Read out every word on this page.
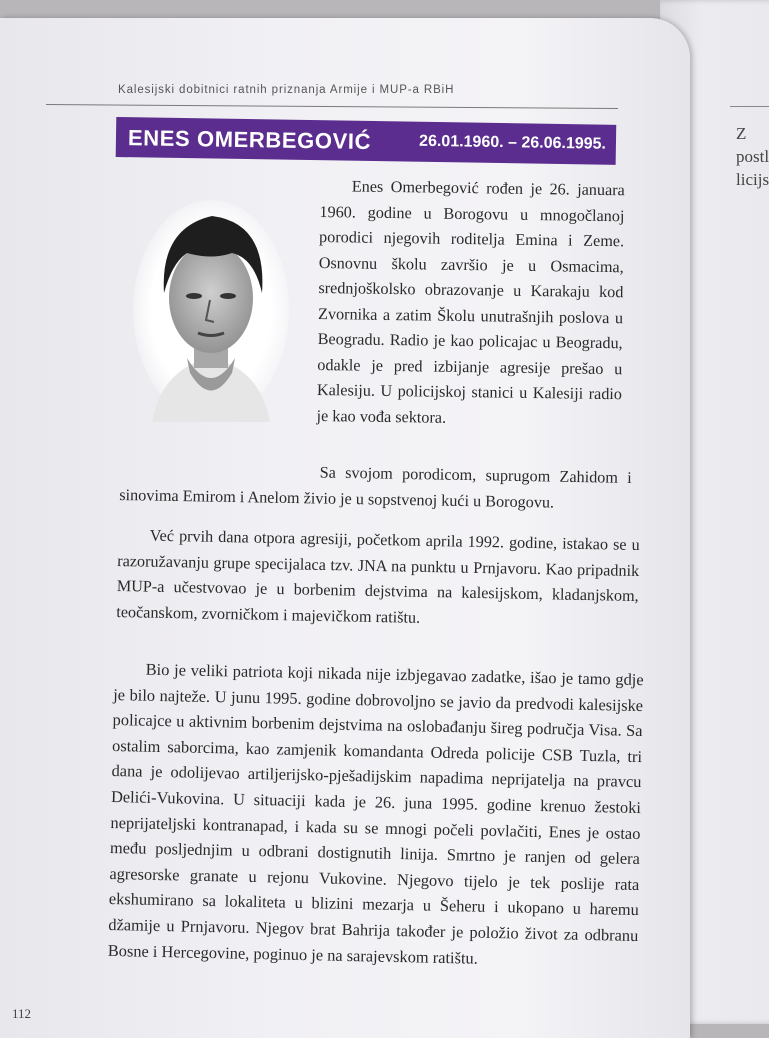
Z
postl
licijs
Kalesijski dobitnici ratnih priznanja Armije i MUP-a RBiH
ENES OMERBEGOVIĆ	26.01.1960. – 26.06.1995.

Enes Omerbegović rođen je 26. januara 1960. godine u Borogovu u mnogočlanoj porodici njegovih roditelja Emina i Zeme. Osnovnu školu završio je u Osmacima, srednjoškolsko obrazovanje u Karakaju kod Zvornika a zatim Školu unutrašnjih poslova u Beogradu. Radio je kao policajac u Beogradu, odakle je pred izbijanje agresije prešao u Kalesiju. U policijskoj stanici u Kalesiji radio je kao vođa sektora.

Sa svojom porodicom, suprugom Zahidom i sinovima Emirom i Anelom živio je u sopstvenoj kući u Borogovu.

Već prvih dana otpora agresiji, početkom aprila 1992. godine, istakao se u razoružavanju grupe specijalaca tzv. JNA na punktu u Prnjavoru. Kao pripadnik MUP-a učestvovao je u borbenim dejstvima na kalesijskom, kladanjskom, teočanskom, zvorničkom i majevičkom ratištu.

Bio je veliki patriota koji nikada nije izbjegavao zadatke, išao je tamo gdje je bilo najteže. U junu 1995. godine dobrovoljno se javio da predvodi kalesijske policajce u aktivnim borbenim dejstvima na oslobađanju šireg područja Visa. Sa ostalim saborcima, kao zamjenik komandanta Odreda policije CSB Tuzla, tri dana je odolijevao artiljerijsko-pješadijskim napadima neprijatelja na pravcu Delići-Vukovina. U situaciji kada je 26. juna 1995. godine krenuo žestoki neprijateljski kontranapad, i kada su se mnogi počeli povlačiti, Enes je ostao među posljednjim u odbrani dostignutih linija. Smrtno je ranjen od gelera agresorske granate u rejonu Vukovine. Njegovo tijelo je tek poslije rata ekshumirano sa lokaliteta u blizini mezarja u Šeheru i ukopano u haremu džamije u Prnjavoru. Njegov brat Bahrija također je položio život za odbranu Bosne i Hercegovine, poginuo je na sarajevskom ratištu.

112
